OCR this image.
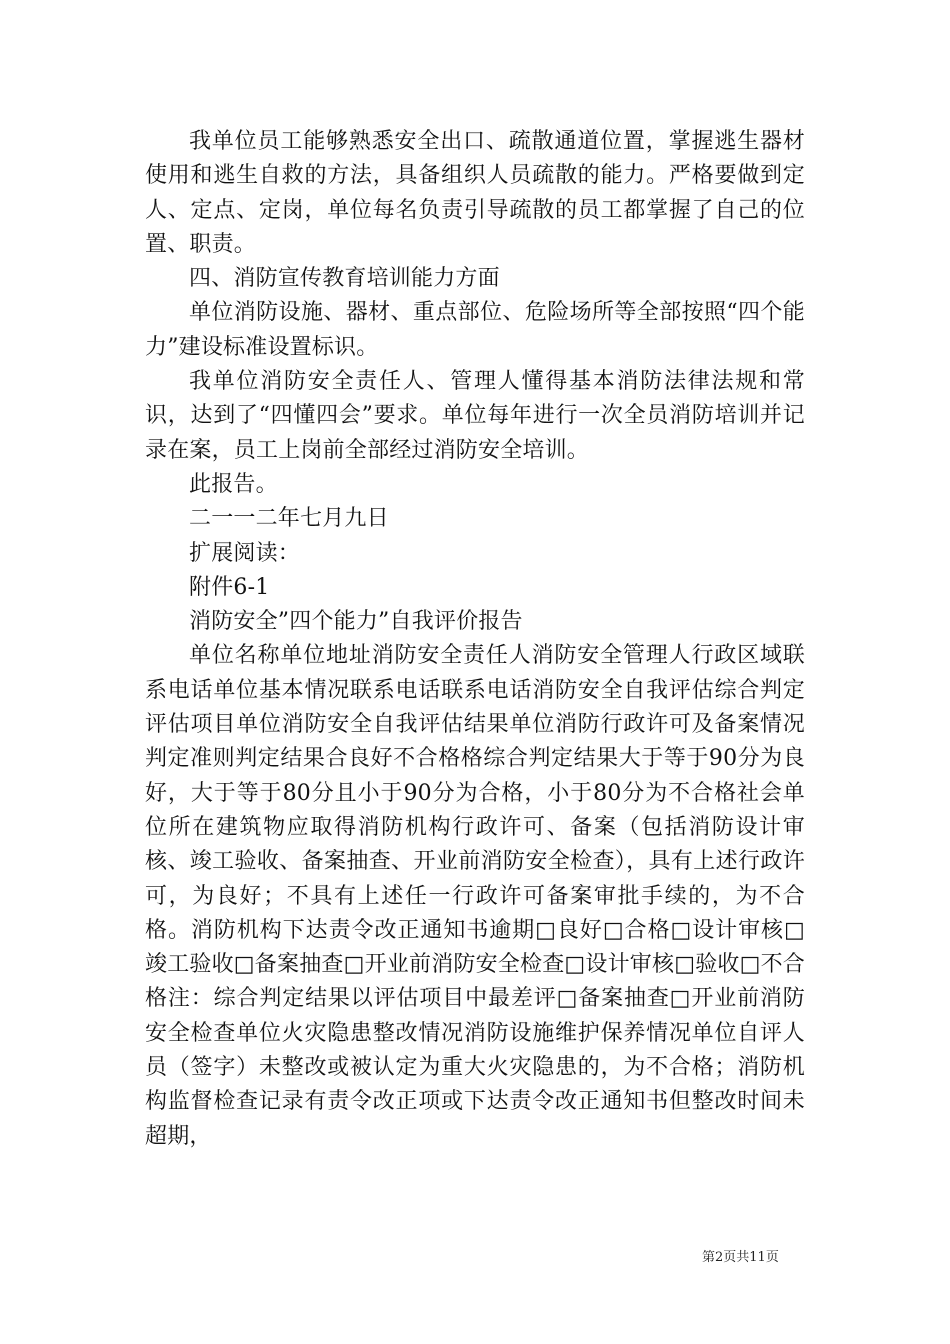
我单位员工能够熟悉安全出口、疏散通道位置，掌握逃生器材使用和逃生自救的方法，具备组织人员疏散的能力。严格要做到定人、定点、定岗，单位每名负责引导疏散的员工都掌握了自己的位置、职责。

四、消防宣传教育培训能力方面

单位消防设施、器材、重点部位、危险场所等全部按照“四个能力”建设标准设置标识。

我单位消防安全责任人、管理人懂得基本消防法律法规和常识，达到了“四懂四会”要求。单位每年进行一次全员消防培训并记录在案，员工上岗前全部经过消防安全培训。

此报告。

二一一二年七月九日

扩展阅读：

附件6-1

消防安全”四个能力”自我评价报告

单位名称单位地址消防安全责任人消防安全管理人行政区域联系电话单位基本情况联系电话联系电话消防安全自我评估综合判定评估项目单位消防安全自我评估结果单位消防行政许可及备案情况判定准则判定结果合良好不合格格综合判定结果大于等于90分为良好，大于等于80分且小于90分为合格，小于80分为不合格社会单位所在建筑物应取得消防机构行政许可、备案（包括消防设计审核、竣工验收、备案抽查、开业前消防安全检查），具有上述行政许可，为良好；不具有上述任一行政许可备案审批手续的，为不合格。消防机构下达责令改正通知书逾期□良好□合格□设计审核□竣工验收□备案抽查□开业前消防安全检查□设计审核□验收□不合格注：综合判定结果以评估项目中最差评□备案抽查□开业前消防安全检查单位火灾隐患整改情况消防设施维护保养情况单位自评人员（签字）未整改或被认定为重大火灾隐患的，为不合格；消防机构监督检查记录有责令改正项或下达责令改正通知书但整改时间未超期，

第2页共11页
